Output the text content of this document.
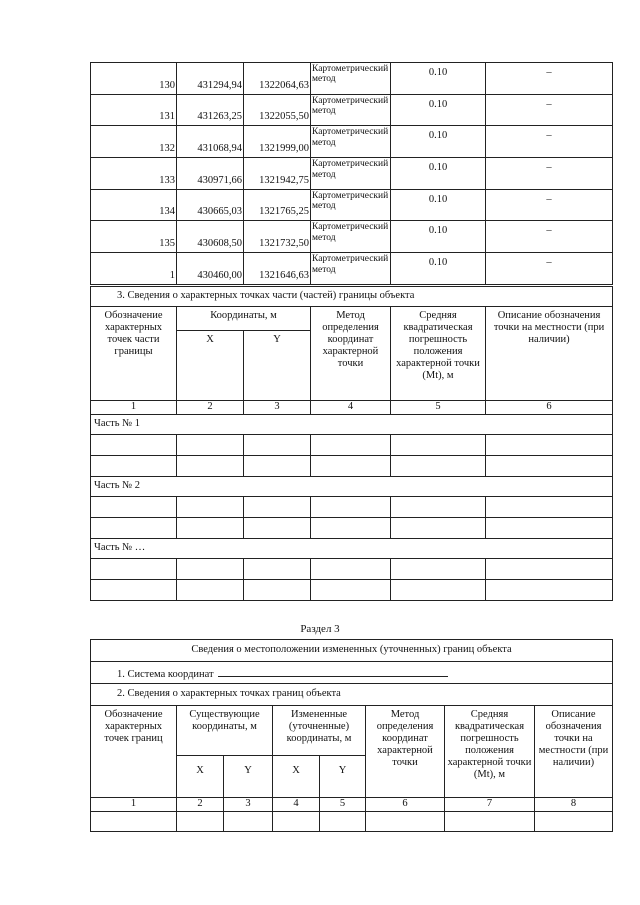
130	431294,94	1322064,63	Картометрический метод	0.10	–
131	431263,25	1322055,50	Картометрический метод	0.10	–
132	431068,94	1321999,00	Картометрический метод	0.10	–
133	430971,66	1321942,75	Картометрический метод	0.10	–
134	430665,03	1321765,25	Картометрический метод	0.10	–
135	430608,50	1321732,50	Картометрический метод	0.10	–
1	430460,00	1321646,63	Картометрический метод	0.10	–
3. Сведения о характерных точках части (частей) границы объекта					
Обозначение характерных точек части границы	Координаты, м		Метод определения координат характерной точки	Средняя квадратическая погрешность положения характерной точки (Mt), м	Описание обозначения точки на местности (при наличии)
	X	Y			
1	2	3	4	5	6
Часть № 1					

Часть № 2					

Часть № …					

Раздел 3
Сведения о местоположении измененных (уточненных) границ объекта							
1. Система координат							
2. Сведения о характерных точках границ объекта							
Обозначение характерных точек границ	Существующие координаты, м		Измененные (уточненные) координаты, м		Метод определения координат характерной точки	Средняя квадратическая погрешность положения характерной точки (Mt), м	Описание обозначения точки на местности (при наличии)
	X	Y	X	Y			
1	2	3	4	5	6	7	8
